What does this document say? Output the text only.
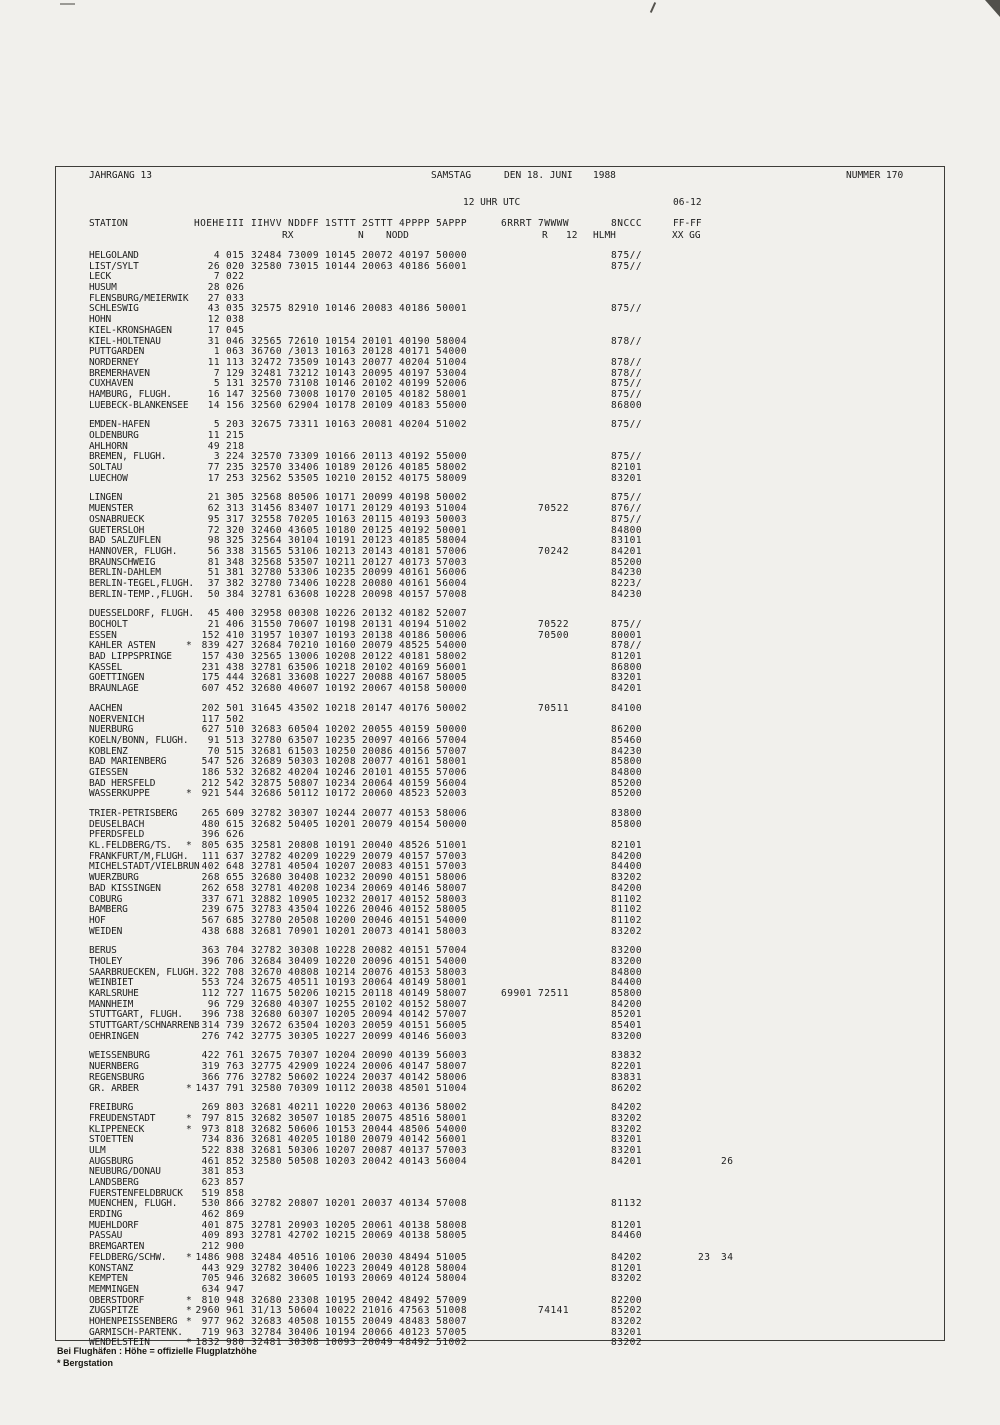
JAHRGANG 13	SAMSTAG	DEN 18. JUNI 1988	NUMMER 170
12 UHR UTC	06-12
STATION	HOEHE III IIHVV NDDFF 1STTT 2STTT 4PPPP 5APPP	6RRRT 7WWWW	8NCCC	FF-FF
RX	N NODD	R 12 HLMH	XX GG
HELGOLAND	4 015 32484 73009 10145 20072 40197 50000	875//
LIST/SYLT	26 020 32580 73015 10144 20063 40186 56001	875//
LECK	7 022
HUSUM	28 026
FLENSBURG/MEIERWIK	27 033
SCHLESWIG	43 035 32575 82910 10146 20083 40186 50001	875//
HOHN	12 038
KIEL-KRONSHAGEN	17 045
KIEL-HOLTENAU	31 046 32565 72610 10154 20101 40190 58004	878//
PUTTGARDEN	1 063 36760 /3013 10163 20128 40171 54000
NORDERNEY	11 113 32472 73509 10143 20077 40204 51004	878//
BREMERHAVEN	7 129 32481 73212 10143 20095 40197 53004	878//
CUXHAVEN	5 131 32570 73108 10146 20102 40199 52006	875//
HAMBURG, FLUGH.	16 147 32560 73008 10170 20105 40182 58001	875//
LUEBECK-BLANKENSEE	14 156 32560 62904 10178 20109 40183 55000	86800
EMDEN-HAFEN	5 203 32675 73311 10163 20081 40204 51002	875//
OLDENBURG	11 215
AHLHORN	49 218
BREMEN, FLUGH.	3 224 32570 73309 10166 20113 40192 55000	875//
SOLTAU	77 235 32570 33406 10189 20126 40185 58002	82101
LUECHOW	17 253 32562 53505 10210 20152 40175 58009	83201
LINGEN	21 305 32568 80506 10171 20099 40198 50002	875//
MUENSTER	62 313 31456 83407 10171 20129 40193 51004	70522	876//
OSNABRUECK	95 317 32558 70205 10163 20115 40193 50003	875//
GUETERSLOH	72 320 32460 43605 10180 20125 40192 50001	84800
BAD SALZUFLEN	98 325 32564 30104 10191 20123 40185 58004	83101
HANNOVER, FLUGH.	56 338 31565 53106 10213 20143 40181 57006	70242	84201
BRAUNSCHWEIG	81 348 32568 53507 10211 20127 40173 57003	85200
BERLIN-DAHLEM	51 381 32780 53306 10235 20099 40161 56006	84230
BERLIN-TEGEL,FLUGH.	37 382 32780 73406 10228 20080 40161 56004	8223/
BERLIN-TEMP.,FLUGH.	50 384 32781 63608 10228 20098 40157 57008	84230
DUESSELDORF, FLUGH.	45 400 32958 00308 10226 20132 40182 52007
BOCHOLT	21 406 31550 70607 10198 20131 40194 51002	70522	875//
ESSEN	152 410 31957 10307 10193 20138 40186 50006	70500	80001
KAHLER ASTEN	*	839 427 32684 70210 10160 20079 48525 54000	878//
BAD LIPPSPRINGE	157 430 32565 13006 10208 20122 40181 58002	81201
KASSEL	231 438 32781 63506 10218 20102 40169 56001	86800
GOETTINGEN	175 444 32681 33608 10227 20088 40167 58005	83201
BRAUNLAGE	607 452 32680 40607 10192 20067 40158 50000	84201
AACHEN	202 501 31645 43502 10218 20147 40176 50002	70511	84100
NOERVENICH	117 502
NUERBURG	627 510 32683 60504 10202 20055 40159 50000	86200
KOELN/BONN, FLUGH.	91 513 32780 63507 10235 20097 40166 57004	85460
KOBLENZ	70 515 32681 61503 10250 20086 40156 57007	84230
BAD MARIENBERG	547 526 32689 50303 10208 20077 40161 58001	85800
GIESSEN	186 532 32682 40204 10246 20101 40155 57006	84800
BAD HERSFELD	212 542 32875 50807 10234 20064 40159 56004	85200
WASSERKUPPE	*	921 544 32686 50112 10172 20060 48523 52003	85200
TRIER-PETRISBERG	265 609 32782 30307 10244 20077 40153 58006	83800
DEUSELBACH	480 615 32682 50405 10201 20079 40154 50000	85800
PFERDSFELD	396 626
KL.FELDBERG/TS.	*	805 635 32581 20808 10191 20040 48526 51001	82101
FRANKFURT/M,FLUGH.	111 637 32782 40209 10229 20079 40157 57003	84200
MICHELSTADT/VIELBRUN 402 648 32781 40504 10207 20083 40151 57003	84400
WUERZBURG	268 655 32680 30408 10232 20090 40151 58006	83202
BAD KISSINGEN	262 658 32781 40208 10234 20069 40146 58007	84200
COBURG	337 671 32882 10905 10232 20017 40152 58003	81102
BAMBERG	239 675 32783 43504 10226 20046 40152 58005	81102
HOF	567 685 32780 20508 10200 20046 40151 54000	81102
WEIDEN	438 688 32681 70901 10201 20073 40141 58003	83202
BERUS	363 704 32782 30308 10228 20082 40151 57004	83200
THOLEY	396 706 32684 30409 10220 20096 40151 54000	83200
SAARBRUECKEN, FLUGH. 322 708 32670 40808 10214 20076 40153 58003	84800
WEINBIET	553 724 32675 40511 10193 20064 40149 58001	84400
KARLSRUHE	112 727 11675 50206 10215 20118 40149 58007	69901 72511	85800
MANNHEIM	96 729 32680 40307 10255 20102 40152 58007	84200
STUTTGART, FLUGH.	396 738 32680 60307 10205 20094 40142 57007	85201
STUTTGART/SCHNARRENB 314 739 32672 63504 10203 20059 40151 56005	85401
OEHRINGEN	276 742 32775 30305 10227 20099 40146 56003	83200
WEISSENBURG	422 761 32675 70307 10204 20090 40139 56003	83832
NUERNBERG	319 763 32775 42909 10224 20006 40147 58007	82201
REGENSBURG	366 776 32782 50602 10224 20037 40142 58006	83831
GR. ARBER	* 1437 791 32580 70309 10112 20038 48501 51004	86202
FREIBURG	269 803 32681 40211 10220 20063 40136 58002	84202
FREUDENSTADT	*	797 815 32682 30507 10185 20075 48516 58001	83202
KLIPPENECK	*	973 818 32682 50606 10153 20044 48506 54000	83202
STOETTEN	734 836 32681 40205 10180 20079 40142 56001	83201
ULM	522 838 32681 50306 10207 20087 40137 57003	83201
AUGSBURG	461 852 32580 50508 10203 20042 40143 56004	84201	26
NEUBURG/DONAU	381 853
LANDSBERG	623 857
FUERSTENFELDBRUCK	519 858
MUENCHEN, FLUGH.	530 866 32782 20807 10201 20037 40134 57008	81132
ERDING	462 869
MUEHLDORF	401 875 32781 20903 10205 20061 40138 58008	81201
PASSAU	409 893 32781 42702 10215 20069 40138 58005	84460
BREMGARTEN	212 900
FELDBERG/SCHW.	* 1486 908 32484 40516 10106 20030 48494 51005	84202	23	34
KONSTANZ	443 929 32782 30406 10223 20049 40128 58004	81201
KEMPTEN	705 946 32682 30605 10193 20069 40124 58004	83202
MEMMINGEN	634 947
OBERSTDORF	*	810 948 32680 23308 10195 20042 48492 57009	82200
ZUGSPITZE	* 2960 961 31/13 50604 10022 21016 47563 51008	74141	85202
HOHENPEISSENBERG *	977 962 32683 40508 10155 20049 48483 58007	83202
GARMISCH-PARTENK.	719 963 32784 30406 10194 20066 40123 57005	83201
WENDELSTEIN	* 1832 980 32481 30308 10093 20049 48492 51002	83202
Bei Flughäfen : Höhe = offizielle Flugplatzhöhe
* Bergstation
